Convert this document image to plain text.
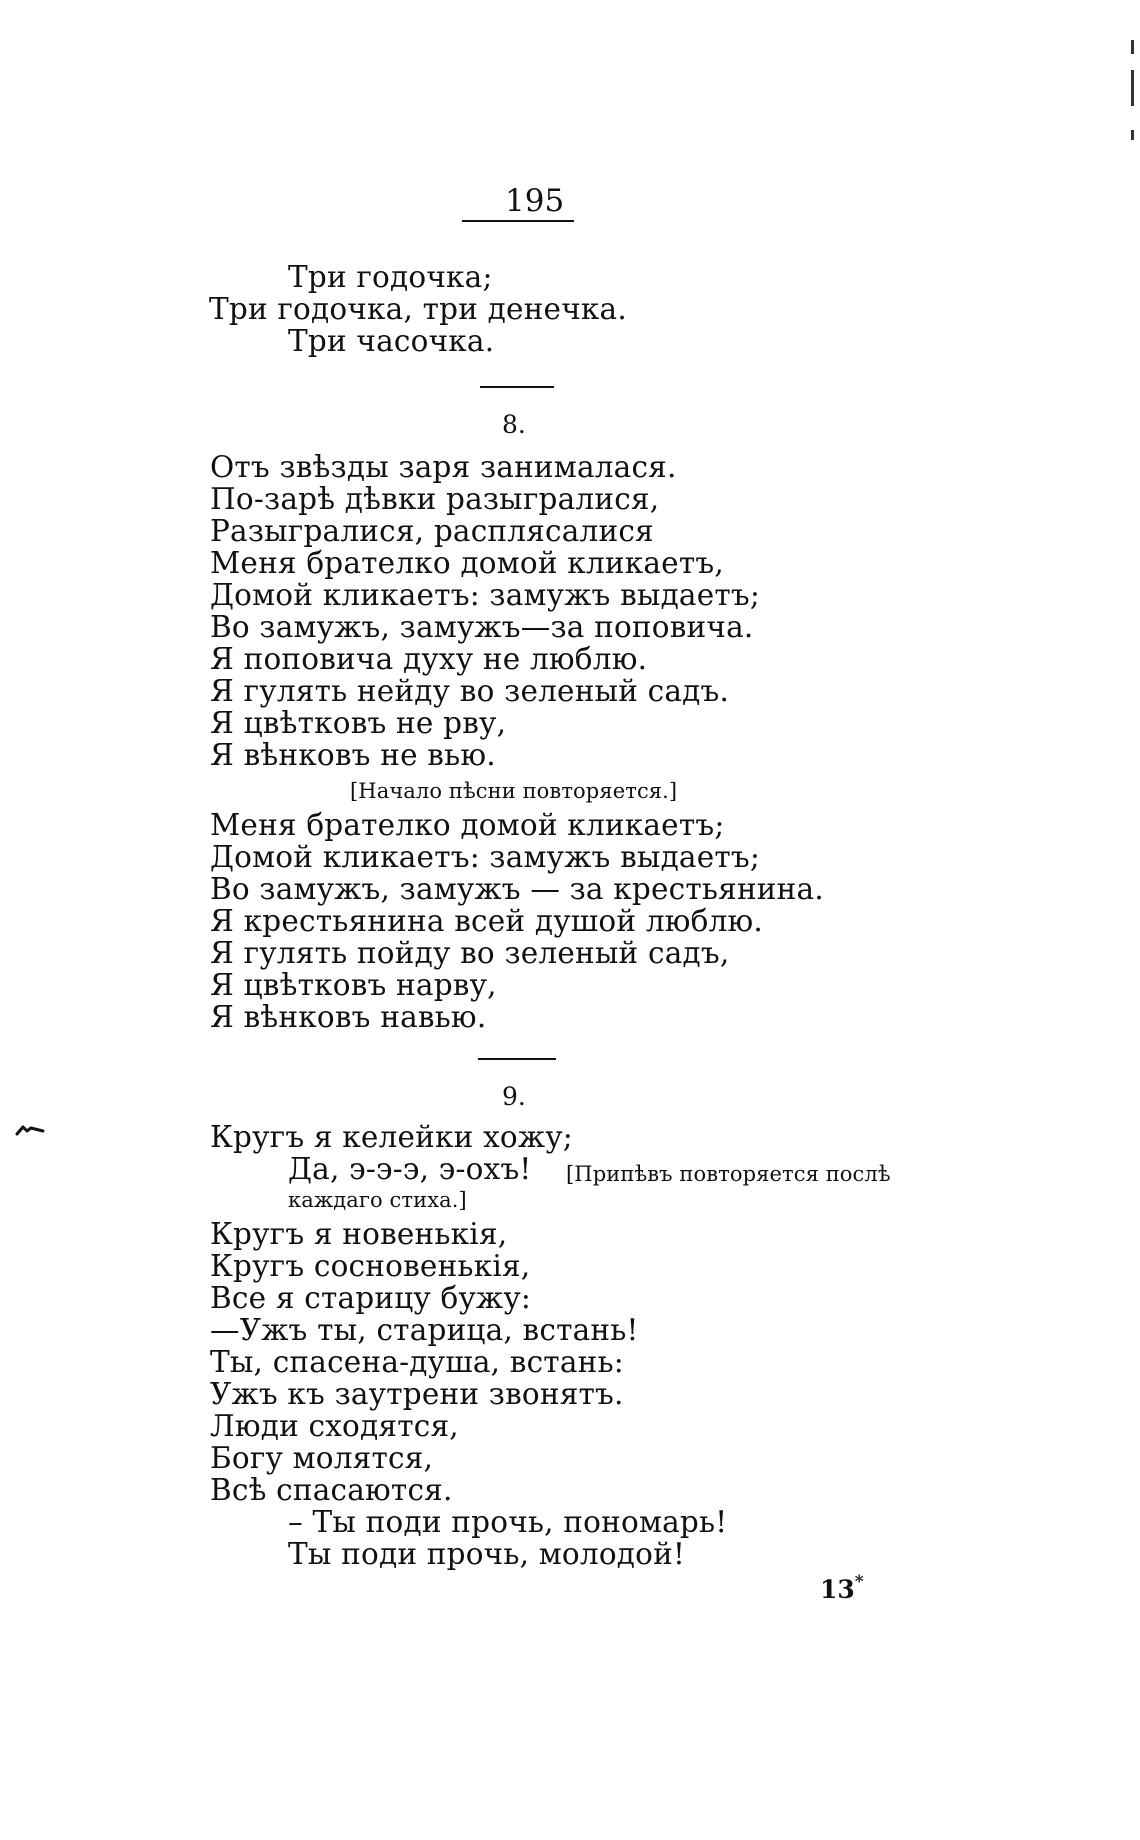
195
Три годочка;
Три годочка, три денечка.
Три часочка.
8.
Отъ звѣзды заря занималася.
По-зарѣ дѣвки разыгралися,
Разыгралися, расплясалися
Меня брателко домой кликаетъ,
Домой кликаетъ: замужъ выдаетъ;
Во замужъ, замужъ—за поповича.
Я поповича духу не люблю.
Я гулять нейду во зеленый садъ.
Я цвѣтковъ не рву,
Я вѣнковъ не вью.
[Начало пѣсни повторяется.]
Меня брателко домой кликаетъ;
Домой кликаетъ: замужъ выдаетъ;
Во замужъ, замужъ — за крестьянина.
Я крестьянина всей душой люблю.
Я гулять пойду во зеленый садъ,
Я цвѣтковъ нарву,
Я вѣнковъ навью.
9.
Кругъ я келейки хожу;
Да, э-э-э, э-охъ! [Припѣвъ повторяется послѣ
каждаго стиха.]
Кругъ я новенькія,
Кругъ сосновенькія,
Все я старицу бужу:
—Ужъ ты, старица, встань!
Ты, спасена-душа, встань:
Ужъ къ заутрени звонятъ.
Люди сходятся,
Богу молятся,
Всѣ спасаются.
– Ты поди прочь, пономарь!
Ты поди прочь, молодой!
13*
